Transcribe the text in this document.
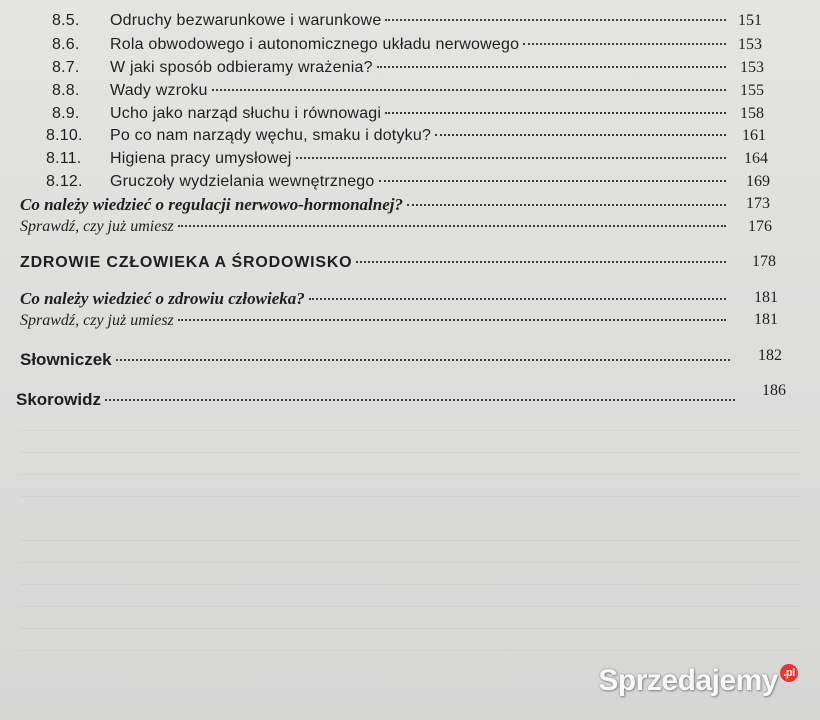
8.5.	Odruchy bezwarunkowe i warunkowe	151
8.6.	Rola obwodowego i autonomicznego układu nerwowego	153
8.7.	W jaki sposób odbieramy wrażenia?	153
8.8.	Wady wzroku	155
8.9.	Ucho jako narząd słuchu i równowagi	158
8.10.	Po co nam narządy węchu, smaku i dotyku?	161
8.11.	Higiena pracy umysłowej	164
8.12.	Gruczoły wydzielania wewnętrznego	169
Co należy wiedzieć o regulacji nerwowo-hormonalnej?	173
Sprawdź, czy już umiesz	176
ZDROWIE CZŁOWIEKA A ŚRODOWISKO	178
Co należy wiedzieć o zdrowiu człowieka?	181
Sprawdź, czy już umiesz	181
Słowniczek	182
Skorowidz	186
Sprzedajemy .pl
